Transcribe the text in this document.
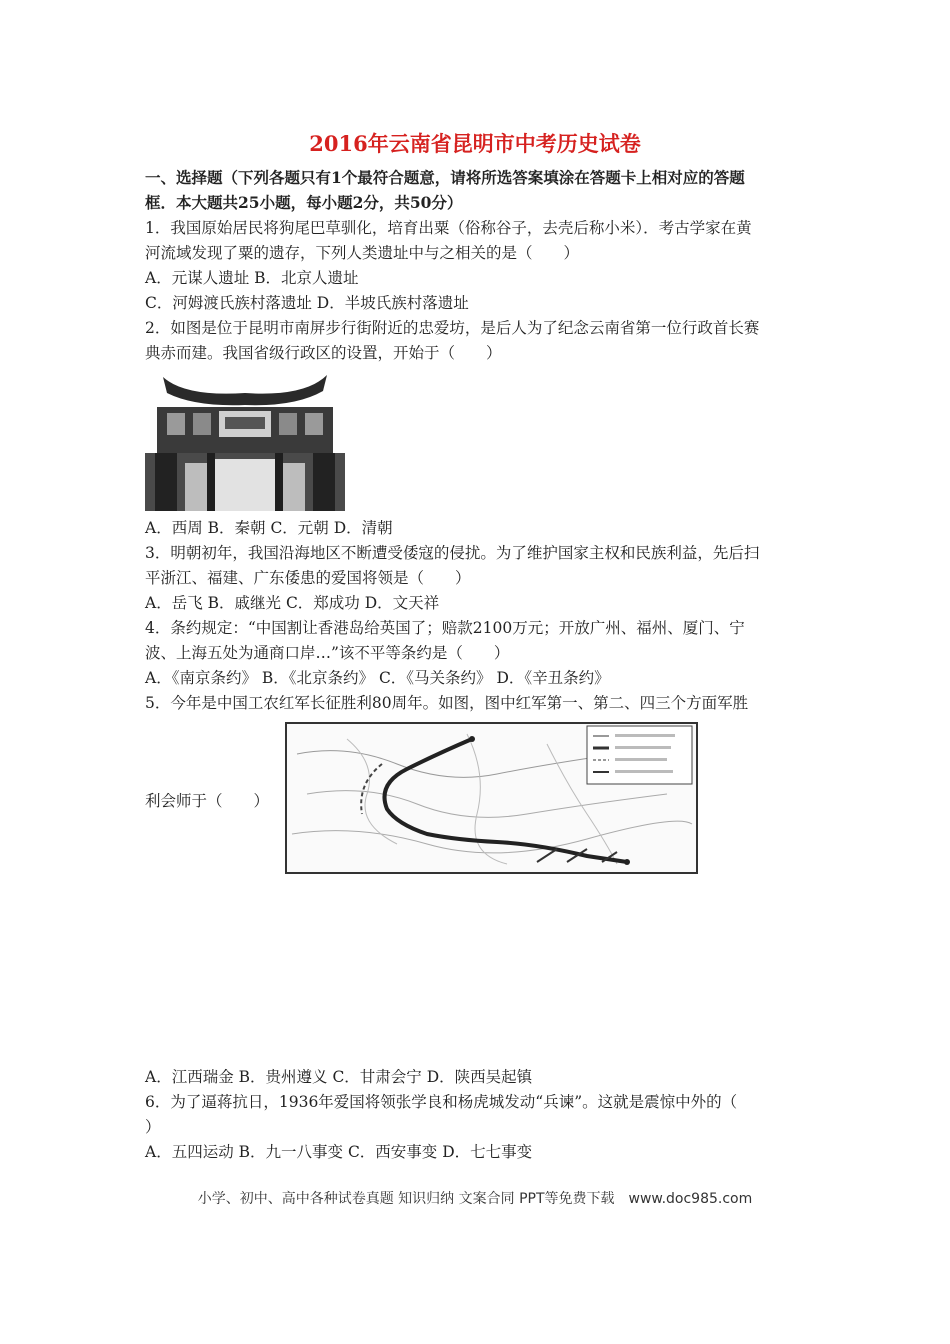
2016年云南省昆明市中考历史试卷
一、选择题（下列各题只有1个最符合题意，请将所选答案填涂在答题卡上相对应的答题
框．本大题共25小题，每小题2分，共50分）
1．我国原始居民将狗尾巴草驯化，培育出粟（俗称谷子，去壳后称小米）．考古学家在黄
河流域发现了粟的遗存，下列人类遗址中与之相关的是（　　）
A．元谋人遗址 B．北京人遗址
C．河姆渡氏族村落遗址 D．半坡氏族村落遗址
2．如图是位于昆明市南屏步行街附近的忠爱坊，是后人为了纪念云南省第一位行政首长赛
典赤而建。我国省级行政区的设置，开始于（　　）
A．西周 B．秦朝 C．元朝 D．清朝
3．明朝初年，我国沿海地区不断遭受倭寇的侵扰。为了维护国家主权和民族利益，先后扫
平浙江、福建、广东倭患的爱国将领是（　　）
A．岳飞 B．戚继光 C．郑成功 D．文天祥
4．条约规定：“中国割让香港岛给英国了；赔款2100万元；开放广州、福州、厦门、宁
波、上海五处为通商口岸…”该不平等条约是（　　）
A．《南京条约》 B．《北京条约》 C．《马关条约》 D．《辛丑条约》
5．今年是中国工农红军长征胜利80周年。如图，图中红军第一、第二、四三个方面军胜
利会师于（　　）
A．江西瑞金 B．贵州遵义 C．甘肃会宁 D．陕西吴起镇
6．为了逼蒋抗日，1936年爱国将领张学良和杨虎城发动“兵谏”。这就是震惊中外的（
）
A．五四运动 B．九一八事变 C．西安事变 D．七七事变
小学、初中、高中各种试卷真题 知识归纳 文案合同 PPT等免费下载　www.doc985.com
